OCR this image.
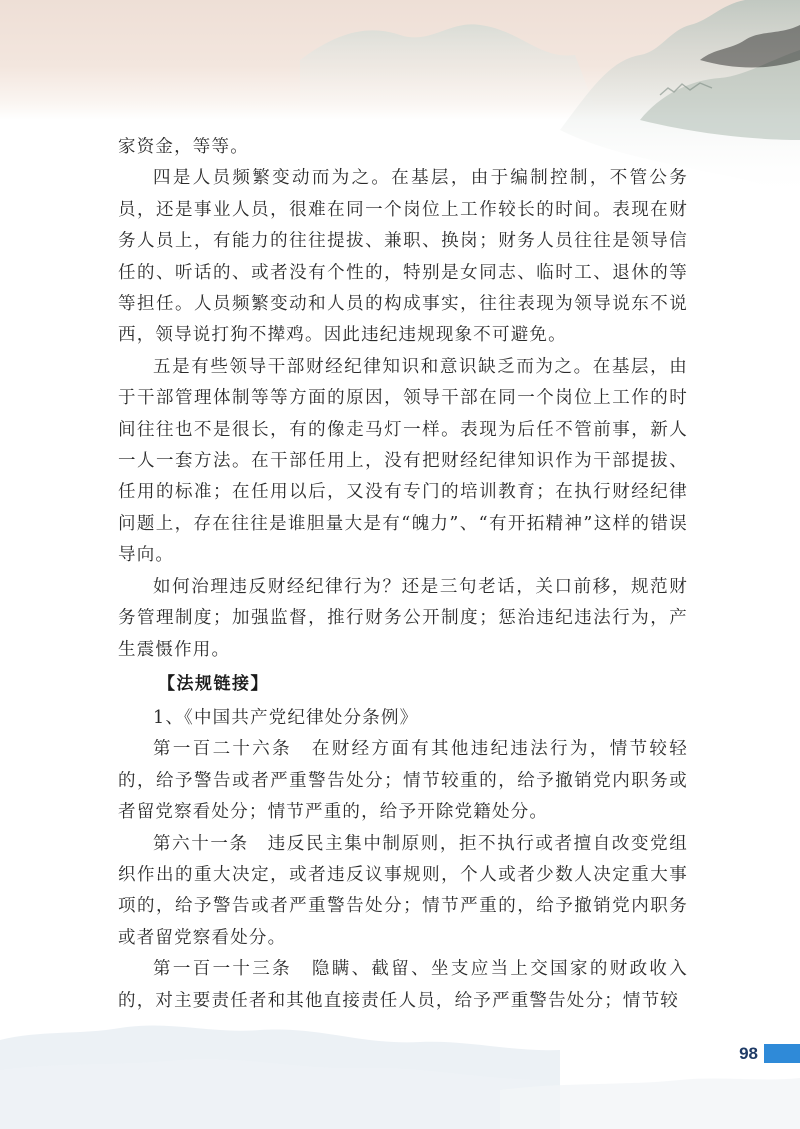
家资金，等等。

四是人员频繁变动而为之。在基层，由于编制控制，不管公务员，还是事业人员，很难在同一个岗位上工作较长的时间。表现在财务人员上，有能力的往往提拔、兼职、换岗；财务人员往往是领导信任的、听话的、或者没有个性的，特别是女同志、临时工、退休的等等担任。人员频繁变动和人员的构成事实，往往表现为领导说东不说西，领导说打狗不撵鸡。因此违纪违规现象不可避免。

五是有些领导干部财经纪律知识和意识缺乏而为之。在基层，由于干部管理体制等等方面的原因，领导干部在同一个岗位上工作的时间往往也不是很长，有的像走马灯一样。表现为后任不管前事，新人一人一套方法。在干部任用上，没有把财经纪律知识作为干部提拔、任用的标准；在任用以后，又没有专门的培训教育；在执行财经纪律问题上，存在往往是谁胆量大是有“魄力”、“有开拓精神”这样的错误导向。

如何治理违反财经纪律行为？还是三句老话，关口前移，规范财务管理制度；加强监督，推行财务公开制度；惩治违纪违法行为，产生震慑作用。

【法规链接】

1、《中国共产党纪律处分条例》

第一百二十六条　在财经方面有其他违纪违法行为，情节较轻的，给予警告或者严重警告处分；情节较重的，给予撤销党内职务或者留党察看处分；情节严重的，给予开除党籍处分。

第六十一条　违反民主集中制原则，拒不执行或者擅自改变党组织作出的重大决定，或者违反议事规则，个人或者少数人决定重大事项的，给予警告或者严重警告处分；情节严重的，给予撤销党内职务或者留党察看处分。

第一百一十三条　隐瞒、截留、坐支应当上交国家的财政收入的，对主要责任者和其他直接责任人员，给予严重警告处分；情节较

98
